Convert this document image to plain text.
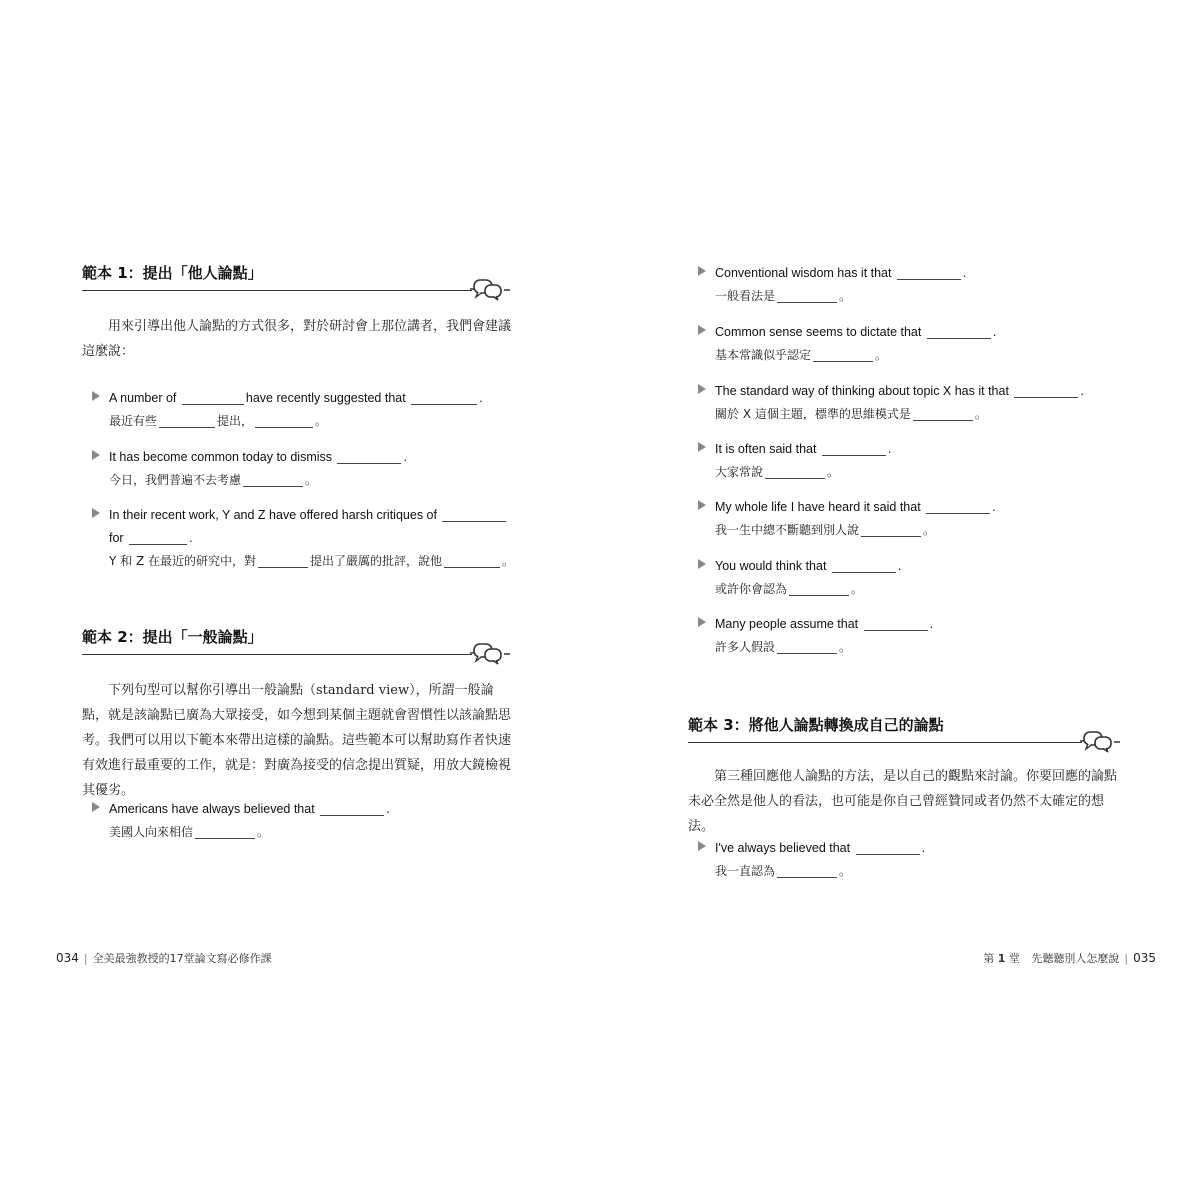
範本 1：提出「他人論點」

用來引導出他人論點的方式很多，對於研討會上那位講者，我們會建議這麼說：

A number of	have recently suggested that	.
最近有些	提出，	。
It has become common today to dismiss	.
今日，我們普遍不去考慮	。
In their recent work, Y and Z have offered harsh critiques of
for	.
Y 和 Z 在最近的研究中，對	提出了嚴厲的批評，說他	。
範本 2：提出「一般論點」

下列句型可以幫你引導出一般論點（standard view），所謂一般論點，就是該論點已廣為大眾接受，如今想到某個主題就會習慣性以該論點思考。我們可以用以下範本來帶出這樣的論點。這些範本可以幫助寫作者快速有效進行最重要的工作，就是：對廣為接受的信念提出質疑，用放大鏡檢視其優劣。

Americans have always believed that	.
美國人向來相信	。
034 | 全美最強教授的17堂論文寫必修作課
Conventional wisdom has it that	.
一般看法是	。
Common sense seems to dictate that	.
基本常識似乎認定	。
The standard way of thinking about topic X has it that	.
關於 X 這個主題，標準的思維模式是	。
It is often said that	.
大家常說	。
My whole life I have heard it said that	.
我一生中總不斷聽到別人說	。
You would think that	.
或許你會認為	。
Many people assume that	.
許多人假設	。
範本 3：將他人論點轉換成自己的論點

第三種回應他人論點的方法，是以自己的觀點來討論。你要回應的論點未必全然是他人的看法，也可能是你自己曾經贊同或者仍然不太確定的想法。

I've always believed that	.
我一直認為	。
第 1 堂 先聽聽別人怎麼說 | 035
